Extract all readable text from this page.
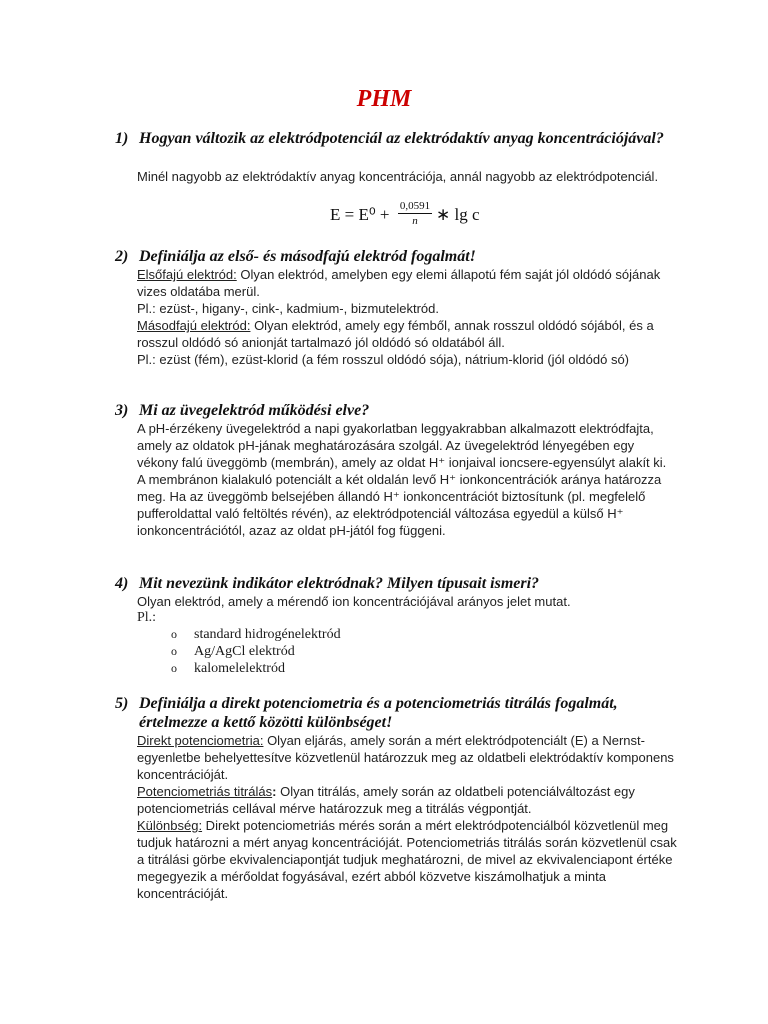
PHM
1) Hogyan változik az elektródpotenciál az elektródaktív anyag koncentrációjával?
Minél nagyobb az elektródaktív anyag koncentrációja, annál nagyobb az elektródpotenciál.
$E = E^0 + \frac{0,0591}{n}$ ∗ lg c
2) Definiálja az első- és másodfajú elektród fogalmát!
Elsőfajú elektród: Olyan elektród, amelyben egy elemi állapotú fém saját jól oldódó sójának vizes oldatába merül.
Pl.: ezüst-, higany-, cink-, kadmium-, bizmutelektród.
Másodfajú elektród: Olyan elektród, amely egy fémből, annak rosszul oldódó sójából, és a rosszul oldódó só anionját tartalmazó jól oldódó só oldatából áll.
Pl.: ezüst (fém), ezüst-klorid (a fém rosszul oldódó sója), nátrium-klorid (jól oldódó só)
3) Mi az üvegelektród működési elve?
A pH-érzékeny üvegelektród a napi gyakorlatban leggyakrabban alkalmazott elektródfajta, amely az oldatok pH-jának meghatározására szolgál. Az üvegelektród lényegében egy vékony falú üveggömb (membrán), amely az oldat H⁺ ionjaival ioncsere-egyensúlyt alakít ki. A membránon kialakuló potenciált a két oldalán levő H⁺ ionkoncentrációk aránya határozza meg. Ha az üveggömb belsejében állandó H⁺ ionkoncentrációt biztosítunk (pl. megfelelő pufferoldattal való feltöltés révén), az elektródpotenciál változása egyedül a külső H⁺ ionkoncentrációtól, azaz az oldat pH-jától fog függeni.
4) Mit nevezünk indikátor elektródnak? Milyen típusait ismeri?
Olyan elektród, amely a mérendő ion koncentrációjával arányos jelet mutat.
Pl.:
o standard hidrogénelektród
o Ag/AgCl elektród
o kalomelelektród
5) Definiálja a direkt potenciometria és a potenciometriás titrálás fogalmát, értelmezze a kettő közötti különbséget!
Direkt potenciometria: Olyan eljárás, amely során a mért elektródpotenciált (E) a Nernst-egyenletbe behelyettesítve közvetlenül határozzuk meg az oldatbeli elektródaktív komponens koncentrációját.
Potenciometriás titrálás: Olyan titrálás, amely során az oldatbeli potenciálváltozást egy potenciometriás cellával mérve határozzuk meg a titrálás végpontját.
Különbség: Direkt potenciometriás mérés során a mért elektródpotenciálból közvetlenül meg tudjuk határozni a mért anyag koncentrációját. Potenciometriás titrálás során közvetlenül csak a titrálási görbe ekvivalenciapontját tudjuk meghatározni, de mivel az ekvivalenciapont értéke megegyezik a mérőoldat fogyásával, ezért abból közvetve kiszámolhatjuk a minta koncentrációját.
